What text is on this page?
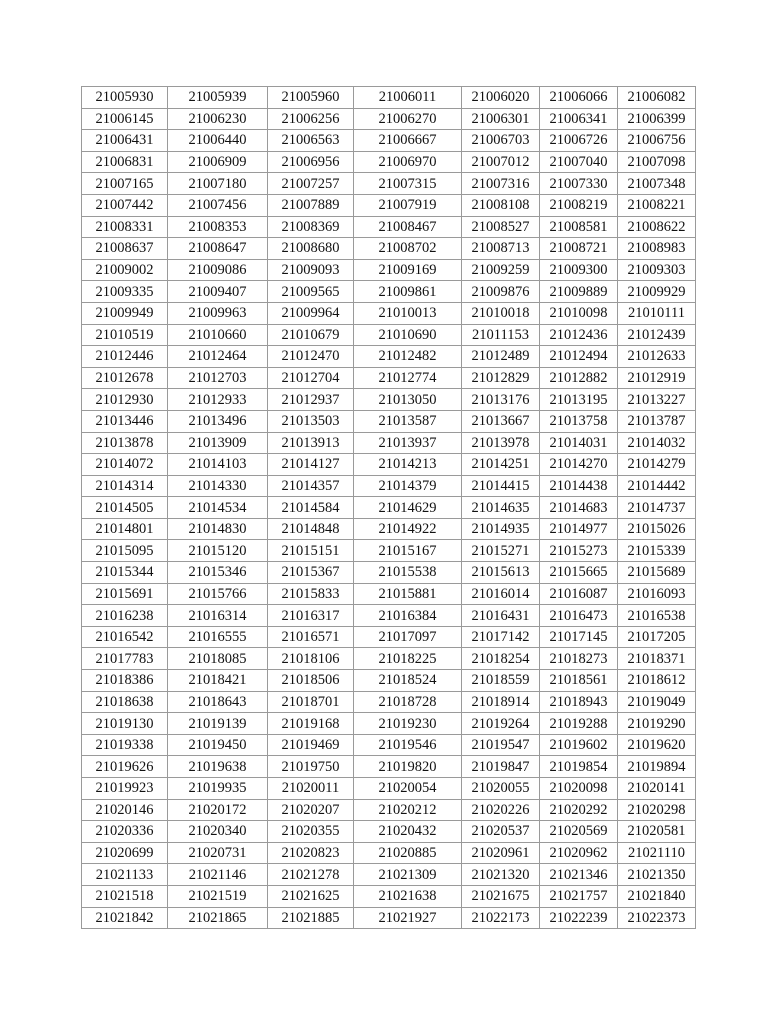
21005930	21005939	21005960	21006011	21006020	21006066	21006082
21006145	21006230	21006256	21006270	21006301	21006341	21006399
21006431	21006440	21006563	21006667	21006703	21006726	21006756
21006831	21006909	21006956	21006970	21007012	21007040	21007098
21007165	21007180	21007257	21007315	21007316	21007330	21007348
21007442	21007456	21007889	21007919	21008108	21008219	21008221
21008331	21008353	21008369	21008467	21008527	21008581	21008622
21008637	21008647	21008680	21008702	21008713	21008721	21008983
21009002	21009086	21009093	21009169	21009259	21009300	21009303
21009335	21009407	21009565	21009861	21009876	21009889	21009929
21009949	21009963	21009964	21010013	21010018	21010098	21010111
21010519	21010660	21010679	21010690	21011153	21012436	21012439
21012446	21012464	21012470	21012482	21012489	21012494	21012633
21012678	21012703	21012704	21012774	21012829	21012882	21012919
21012930	21012933	21012937	21013050	21013176	21013195	21013227
21013446	21013496	21013503	21013587	21013667	21013758	21013787
21013878	21013909	21013913	21013937	21013978	21014031	21014032
21014072	21014103	21014127	21014213	21014251	21014270	21014279
21014314	21014330	21014357	21014379	21014415	21014438	21014442
21014505	21014534	21014584	21014629	21014635	21014683	21014737
21014801	21014830	21014848	21014922	21014935	21014977	21015026
21015095	21015120	21015151	21015167	21015271	21015273	21015339
21015344	21015346	21015367	21015538	21015613	21015665	21015689
21015691	21015766	21015833	21015881	21016014	21016087	21016093
21016238	21016314	21016317	21016384	21016431	21016473	21016538
21016542	21016555	21016571	21017097	21017142	21017145	21017205
21017783	21018085	21018106	21018225	21018254	21018273	21018371
21018386	21018421	21018506	21018524	21018559	21018561	21018612
21018638	21018643	21018701	21018728	21018914	21018943	21019049
21019130	21019139	21019168	21019230	21019264	21019288	21019290
21019338	21019450	21019469	21019546	21019547	21019602	21019620
21019626	21019638	21019750	21019820	21019847	21019854	21019894
21019923	21019935	21020011	21020054	21020055	21020098	21020141
21020146	21020172	21020207	21020212	21020226	21020292	21020298
21020336	21020340	21020355	21020432	21020537	21020569	21020581
21020699	21020731	21020823	21020885	21020961	21020962	21021110
21021133	21021146	21021278	21021309	21021320	21021346	21021350
21021518	21021519	21021625	21021638	21021675	21021757	21021840
21021842	21021865	21021885	21021927	21022173	21022239	21022373
